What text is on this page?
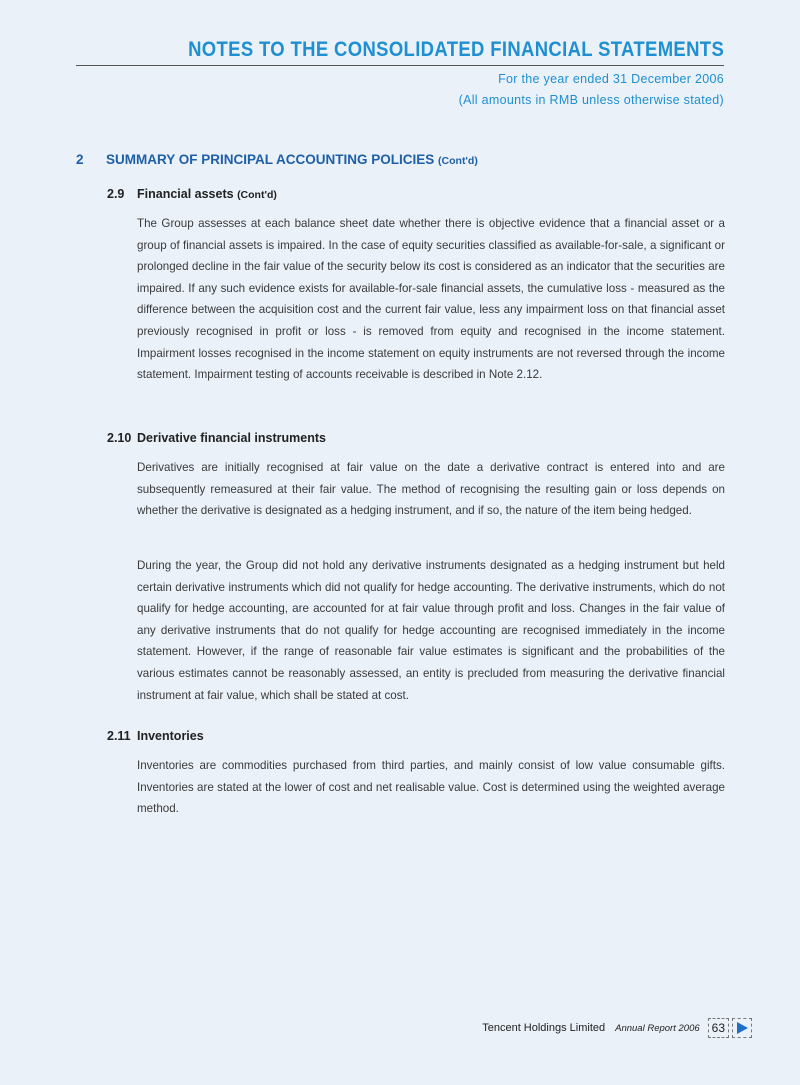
NOTES TO THE CONSOLIDATED FINANCIAL STATEMENTS
For the year ended 31 December 2006
(All amounts in RMB unless otherwise stated)
2 SUMMARY OF PRINCIPAL ACCOUNTING POLICIES (Cont'd)
2.9 Financial assets (Cont'd)
The Group assesses at each balance sheet date whether there is objective evidence that a financial asset or a group of financial assets is impaired. In the case of equity securities classified as available-for-sale, a significant or prolonged decline in the fair value of the security below its cost is considered as an indicator that the securities are impaired. If any such evidence exists for available-for-sale financial assets, the cumulative loss - measured as the difference between the acquisition cost and the current fair value, less any impairment loss on that financial asset previously recognised in profit or loss - is removed from equity and recognised in the income statement. Impairment losses recognised in the income statement on equity instruments are not reversed through the income statement. Impairment testing of accounts receivable is described in Note 2.12.
2.10 Derivative financial instruments
Derivatives are initially recognised at fair value on the date a derivative contract is entered into and are subsequently remeasured at their fair value. The method of recognising the resulting gain or loss depends on whether the derivative is designated as a hedging instrument, and if so, the nature of the item being hedged.
During the year, the Group did not hold any derivative instruments designated as a hedging instrument but held certain derivative instruments which did not qualify for hedge accounting. The derivative instruments, which do not qualify for hedge accounting, are accounted for at fair value through profit and loss. Changes in the fair value of any derivative instruments that do not qualify for hedge accounting are recognised immediately in the income statement. However, if the range of reasonable fair value estimates is significant and the probabilities of the various estimates cannot be reasonably assessed, an entity is precluded from measuring the derivative financial instrument at fair value, which shall be stated at cost.
2.11 Inventories
Inventories are commodities purchased from third parties, and mainly consist of low value consumable gifts. Inventories are stated at the lower of cost and net realisable value. Cost is determined using the weighted average method.
Tencent Holdings Limited Annual Report 2006	63
